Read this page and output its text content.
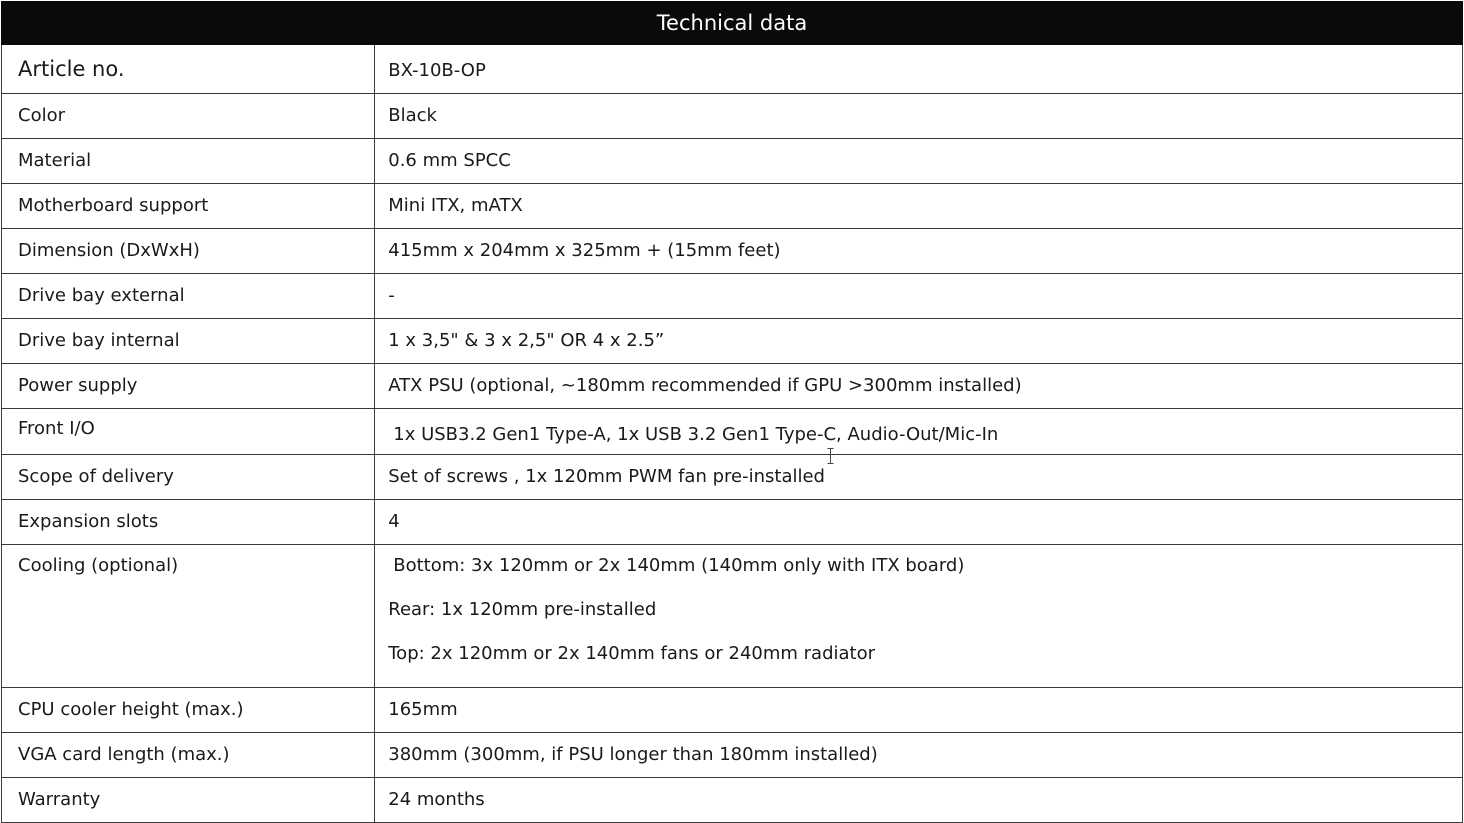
Technical data	
Article no.	BX-10B-OP
Color	Black
Material	0.6 mm SPCC
Motherboard support	Mini ITX, mATX
Dimension (DxWxH)	415mm x 204mm x 325mm + (15mm feet)
Drive bay external	-
Drive bay internal	1 x 3,5" & 3 x 2,5" OR 4 x 2.5”
Power supply	ATX PSU (optional, ~180mm recommended if GPU >300mm installed)
Front I/O	1x USB3.2 Gen1 Type-A, 1x USB 3.2 Gen1 Type-C, Audio-Out/Mic-In
Scope of delivery	Set of screws , 1x 120mm PWM fan pre-installed
Expansion slots	4
Cooling (optional)	Bottom: 3x 120mm or 2x 140mm (140mm only with ITX board)
Rear: 1x 120mm pre-installed
Top: 2x 120mm or 2x 140mm fans or 240mm radiator

CPU cooler height (max.)	165mm
VGA card length (max.)	380mm (300mm, if PSU longer than 180mm installed)
Warranty	24 months
